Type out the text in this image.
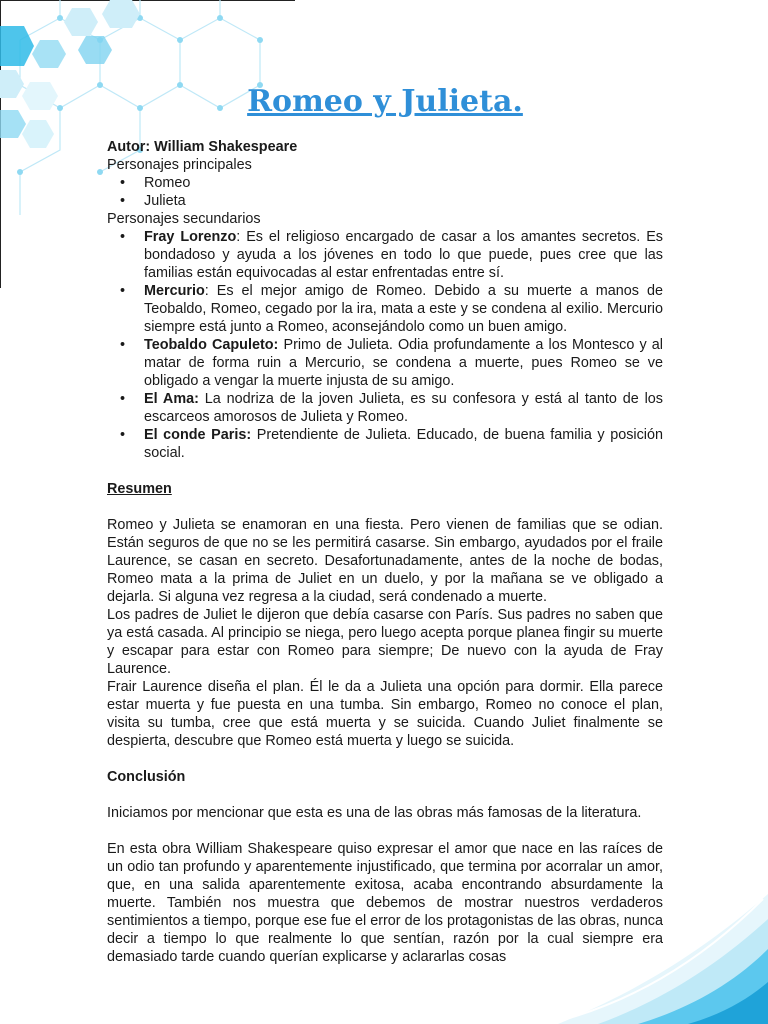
Romeo y Julieta.

Autor: William Shakespeare

Personajes principales

• Romeo
• Julieta

Personajes secundarios

• Fray Lorenzo: Es el religioso encargado de casar a los amantes secretos. Es bondadoso y ayuda a los jóvenes en todo lo que puede, pues cree que las familias están equivocadas al estar enfrentadas entre sí.
• Mercurio: Es el mejor amigo de Romeo. Debido a su muerte a manos de Teobaldo, Romeo, cegado por la ira, mata a este y se condena al exilio. Mercurio siempre está junto a Romeo, aconsejándolo como un buen amigo.
• Teobaldo Capuleto: Primo de Julieta. Odia profundamente a los Montesco y al matar de forma ruin a Mercurio, se condena a muerte, pues Romeo se ve obligado a vengar la muerte injusta de su amigo.
• El Ama: La nodriza de la joven Julieta, es su confesora y está al tanto de los escarceos amorosos de Julieta y Romeo.
• El conde Paris: Pretendiente de Julieta. Educado, de buena familia y posición social.

Resumen

Romeo y Julieta se enamoran en una fiesta. Pero vienen de familias que se odian. Están seguros de que no se les permitirá casarse. Sin embargo, ayudados por el fraile Laurence, se casan en secreto. Desafortunadamente, antes de la noche de bodas, Romeo mata a la prima de Juliet en un duelo, y por la mañana se ve obligado a dejarla. Si alguna vez regresa a la ciudad, será condenado a muerte.

Los padres de Juliet le dijeron que debía casarse con París. Sus padres no saben que ya está casada. Al principio se niega, pero luego acepta porque planea fingir su muerte y escapar para estar con Romeo para siempre; De nuevo con la ayuda de Fray Laurence.

Frair Laurence diseña el plan. Él le da a Julieta una opción para dormir. Ella parece estar muerta y fue puesta en una tumba. Sin embargo, Romeo no conoce el plan, visita su tumba, cree que está muerta y se suicida. Cuando Juliet finalmente se despierta, descubre que Romeo está muerta y luego se suicida.

Conclusión

Iniciamos por mencionar que esta es una de las obras más famosas de la literatura.

En esta obra William Shakespeare quiso expresar el amor que nace en las raíces de un odio tan profundo y aparentemente injustificado, que termina por acorralar un amor, que, en una salida aparentemente exitosa, acaba encontrando absurdamente la muerte. También nos muestra que debemos de mostrar nuestros verdaderos sentimientos a tiempo, porque ese fue el error de los protagonistas de las obras, nunca decir a tiempo lo que realmente lo que sentían, razón por la cual siempre era demasiado tarde cuando querían explicarse y aclararlas cosas
